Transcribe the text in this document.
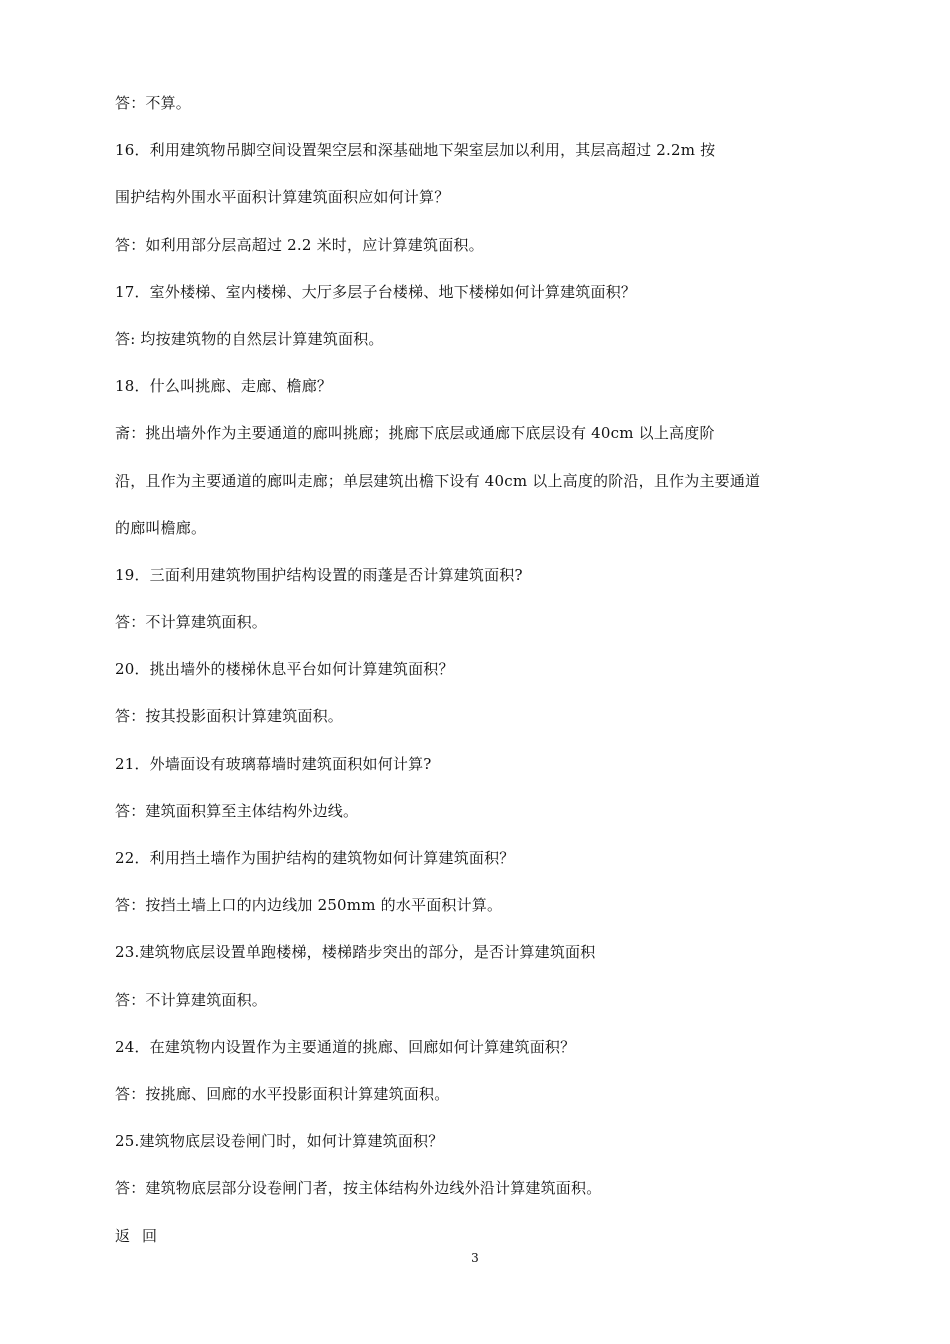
答：不算。
16．利用建筑物吊脚空间设置架空层和深基础地下架室层加以利用，其层高超过 2.2m 按
围护结构外围水平面积计算建筑面积应如何计算？
答：如利用部分层高超过 2.2 米时，应计算建筑面积。
17．室外楼梯、室内楼梯、大厅多层子台楼梯、地下楼梯如何计算建筑面积？
答: 均按建筑物的自然层计算建筑面积。
18．什么叫挑廊、走廊、檐廊？
斋：挑出墙外作为主要通道的廊叫挑廊；挑廊下底层或通廊下底层设有 40cm 以上高度阶
沿，且作为主要通道的廊叫走廊；单层建筑出檐下设有 40cm 以上高度的阶沿，且作为主要通道
的廊叫檐廊。
19．三面利用建筑物围护结构设置的雨蓬是否计算建筑面积?
答：不计算建筑面积。
20．挑出墙外的楼梯休息平台如何计算建筑面积？
答：按其投影面积计算建筑面积。
21．外墙面设有玻璃幕墙时建筑面积如何计算?
答：建筑面积算至主体结构外边线。
22．利用挡土墙作为围护结构的建筑物如何计算建筑面积？
答：按挡土墙上口的内边线加 250mm 的水平面积计算。
23.建筑物底层设置单跑楼梯，楼梯踏步突出的部分，是否计算建筑面积
答：不计算建筑面积。
24．在建筑物内设置作为主要通道的挑廊、回廊如何计算建筑面积？
答：按挑廊、回廊的水平投影面积计算建筑面积。
25.建筑物底层设卷闸门时，如何计算建筑面积？
答：建筑物底层部分设卷闸门者，按主体结构外边线外沿计算建筑面积。
返回
3
